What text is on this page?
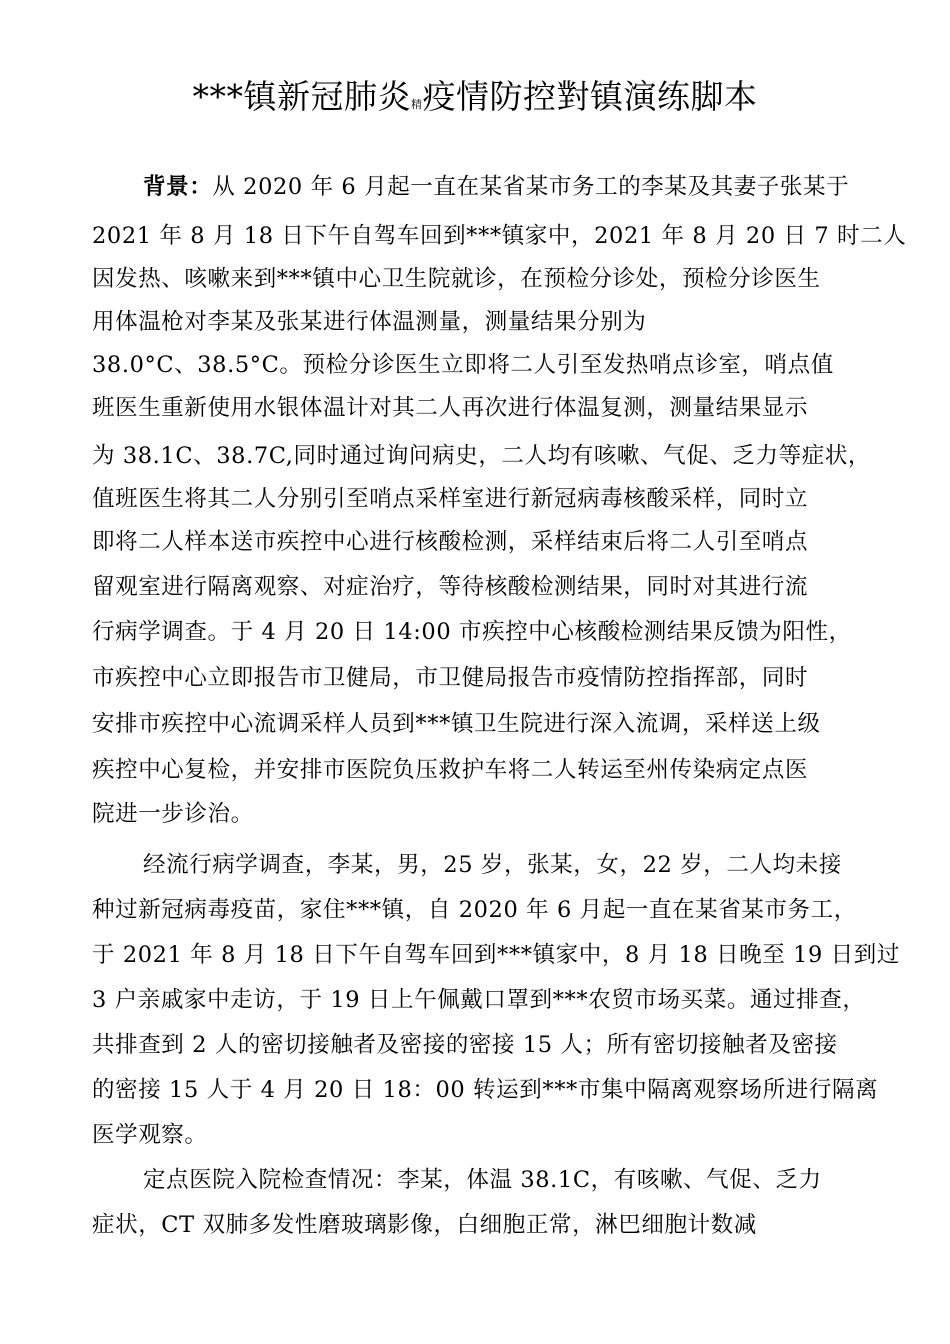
***镇新冠肺炎精疫情防控對镇演练脚本
背景：从 2020 年 6 月起一直在某省某市务工的李某及其妻子张某于
2021 年 8 月 18 日下午自驾车回到***镇家中，2021 年 8 月 20 日 7 时二人
因发热、咳嗽来到***镇中心卫生院就诊，在预检分诊处，预检分诊医生
用体温枪对李某及张某进行体温测量，测量结果分别为
38.0°C、38.5°C。预检分诊医生立即将二人引至发热哨点诊室，哨点值
班医生重新使用水银体温计对其二人再次进行体温复测，测量结果显示
为 38.1C、38.7C,同时通过询问病史，二人均有咳嗽、气促、乏力等症状，
值班医生将其二人分别引至哨点采样室进行新冠病毒核酸采样，同时立
即将二人样本送市疾控中心进行核酸检测，采样结束后将二人引至哨点
留观室进行隔离观察、对症治疗，等待核酸检测结果，同时对其进行流
行病学调查。于 4 月 20 日 14:00 市疾控中心核酸检测结果反馈为阳性，
市疾控中心立即报告市卫健局，市卫健局报告市疫情防控指挥部，同时
安排市疾控中心流调采样人员到***镇卫生院进行深入流调，采样送上级
疾控中心复检，并安排市医院负压救护车将二人转运至州传染病定点医
院进一步诊治。
经流行病学调查，李某，男，25 岁，张某，女，22 岁，二人均未接
种过新冠病毒疫苗，家住***镇，自 2020 年 6 月起一直在某省某市务工，
于 2021 年 8 月 18 日下午自驾车回到***镇家中，8 月 18 日晚至 19 日到过
3 户亲戚家中走访，于 19 日上午佩戴口罩到***农贸市场买菜。通过排查，
共排查到 2 人的密切接触者及密接的密接 15 人；所有密切接触者及密接
的密接 15 人于 4 月 20 日 18：00 转运到***市集中隔离观察场所进行隔离
医学观察。
定点医院入院检查情况：李某，体温 38.1C，有咳嗽、气促、乏力
症状，CT 双肺多发性磨玻璃影像，白细胞正常，淋巴细胞计数减
